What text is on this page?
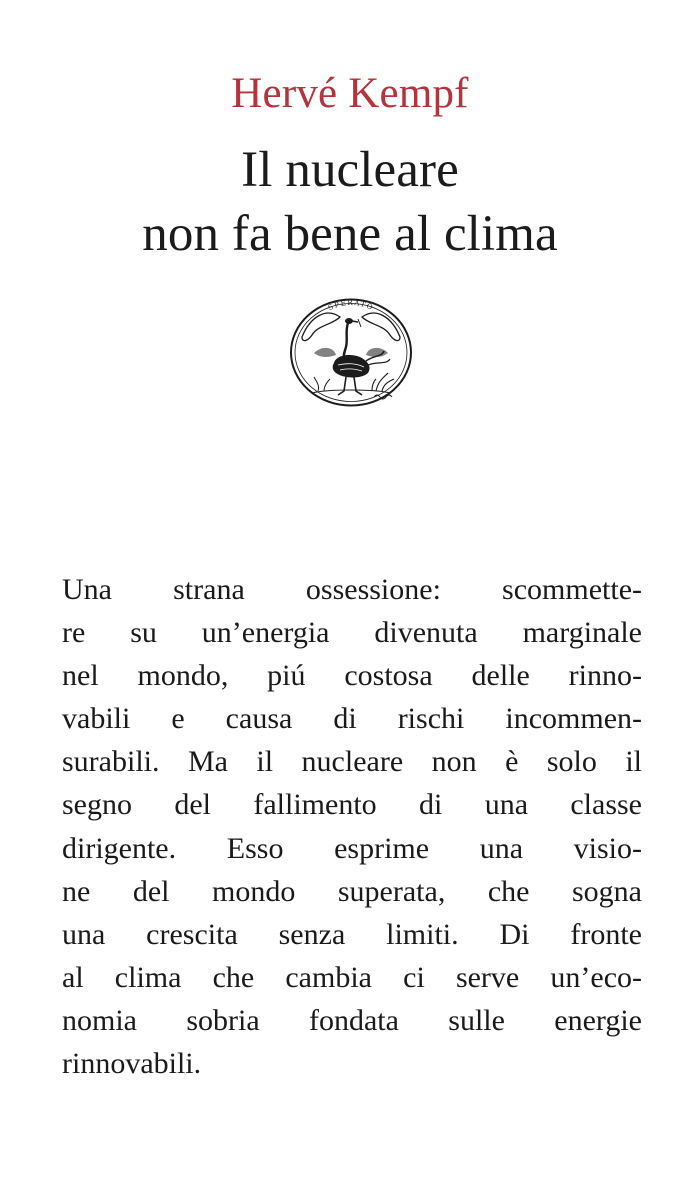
Hervé Kempf
Il nucleare
non fa bene al clima
SPERATO
Una strana ossessione: scommette-
re su un’energia divenuta marginale
nel mondo, piú costosa delle rinno-
vabili e causa di rischi incommen-
surabili. Ma il nucleare non è solo il
segno del fallimento di una classe
dirigente. Esso esprime una visio-
ne del mondo superata, che sogna
una crescita senza limiti. Di fronte
al clima che cambia ci serve un’eco-
nomia sobria fondata sulle energie
rinnovabili.
